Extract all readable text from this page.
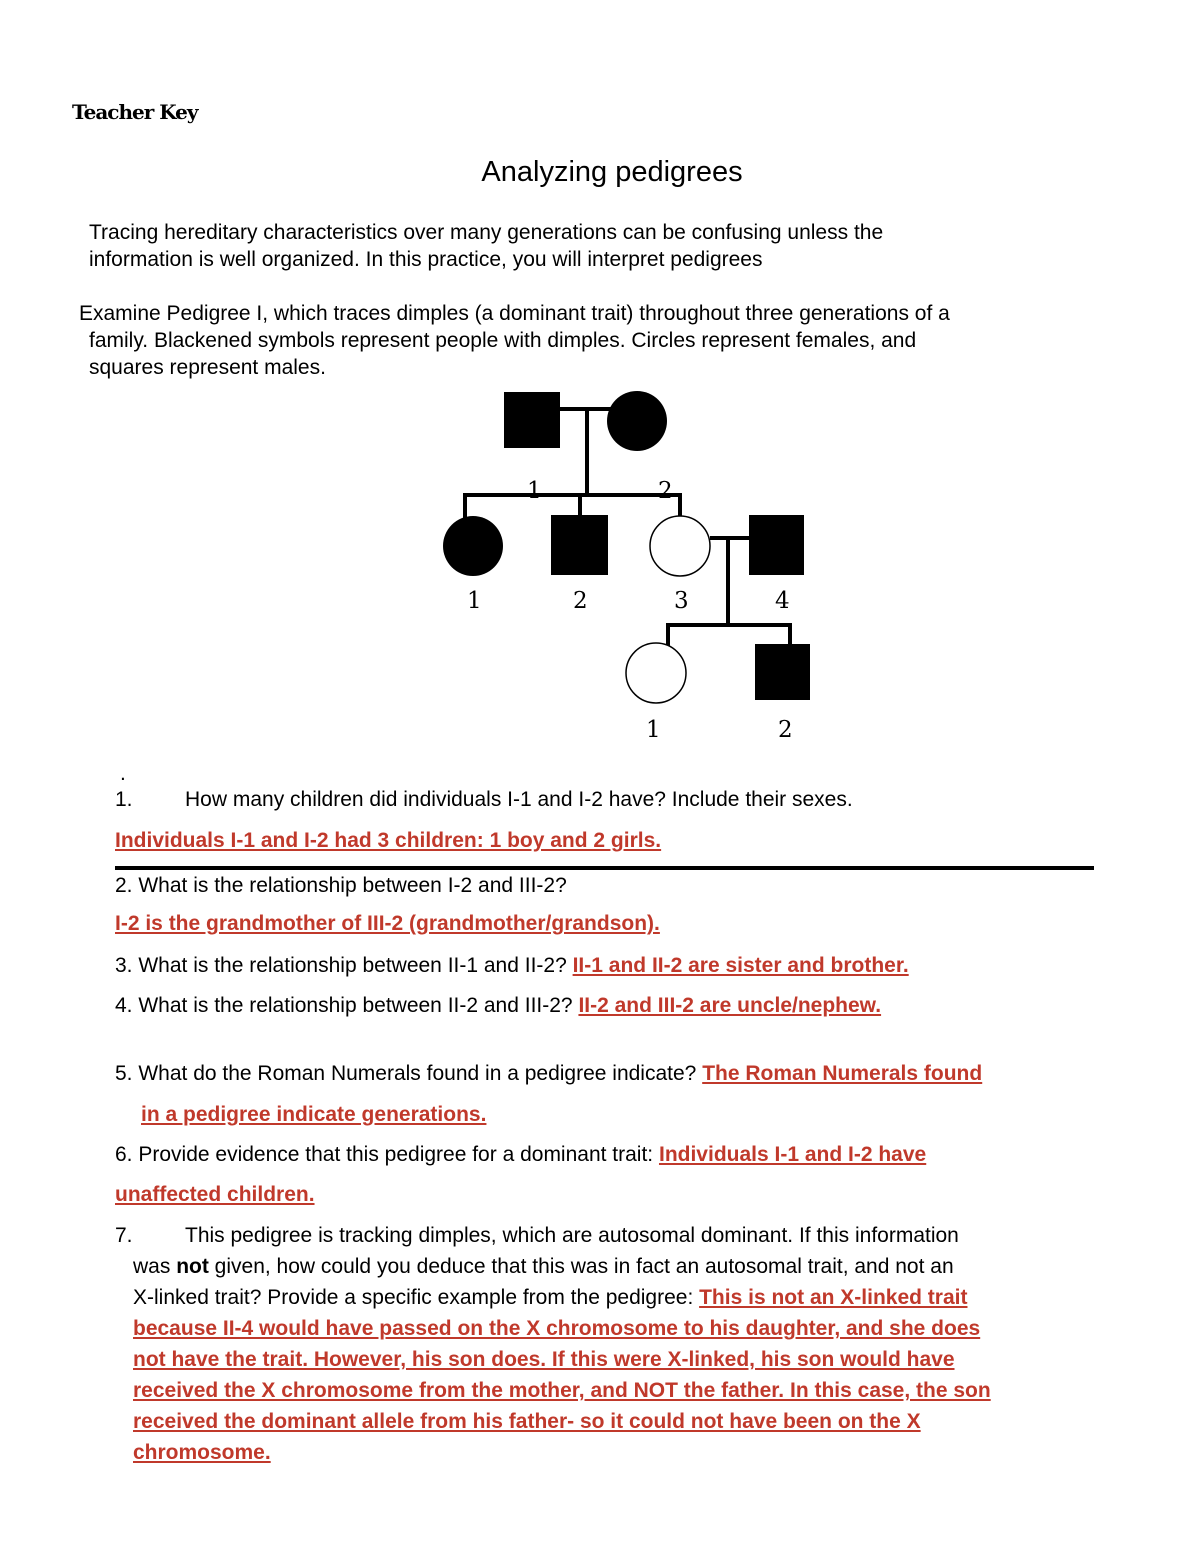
Teacher Key
Analyzing pedigrees
Tracing hereditary characteristics over many generations can be confusing unless the
information is well organized. In this practice, you will interpret pedigrees
Examine Pedigree I, which traces dimples (a dominant trait) throughout three generations of a
family. Blackened symbols represent people with dimples. Circles represent females, and
squares represent males.
1	2
1	2	3	4
1	2
.
1. How many children did individuals I-1 and I-2 have? Include their sexes.
Individuals I-1 and I-2 had 3 children: 1 boy and 2 girls.
2. What is the relationship between I-2 and III-2?
I-2 is the grandmother of III-2 (grandmother/grandson).
3. What is the relationship between II-1 and II-2? II-1 and II-2 are sister and brother.
4. What is the relationship between II-2 and III-2? II-2 and III-2 are uncle/nephew.
5. What do the Roman Numerals found in a pedigree indicate? The Roman Numerals found
in a pedigree indicate generations.
6. Provide evidence that this pedigree for a dominant trait: Individuals I-1 and I-2 have
unaffected children.
7. This pedigree is tracking dimples, which are autosomal dominant. If this information
was not given, how could you deduce that this was in fact an autosomal trait, and not an
X-linked trait? Provide a specific example from the pedigree: This is not an X-linked trait
because II-4 would have passed on the X chromosome to his daughter, and she does
not have the trait. However, his son does. If this were X-linked, his son would have
received the X chromosome from the mother, and NOT the father. In this case, the son
received the dominant allele from his father- so it could not have been on the X
chromosome.
